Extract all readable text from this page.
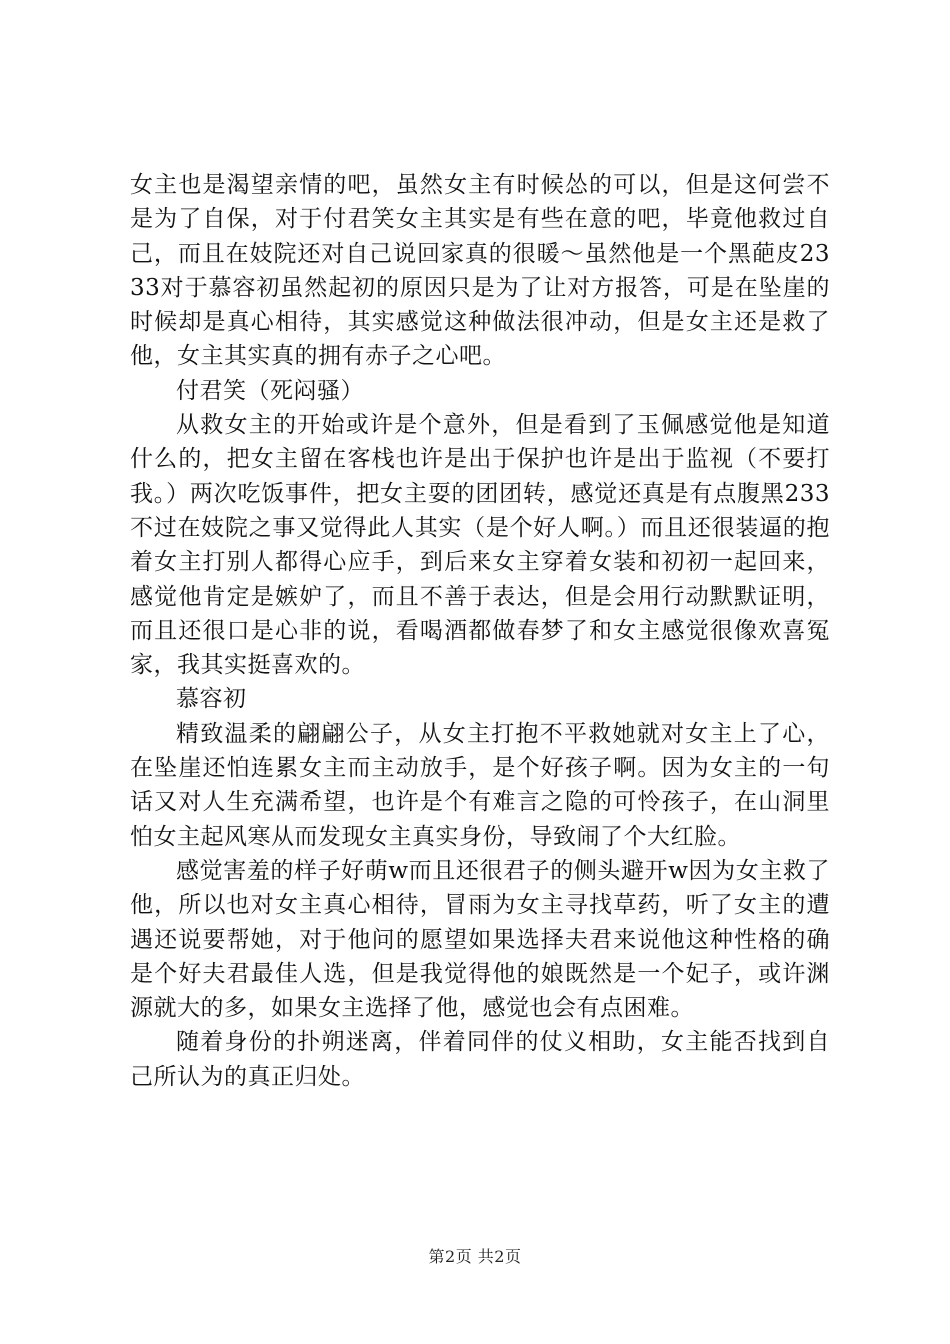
女主也是渴望亲情的吧，虽然女主有时候怂的可以，但是这何尝不是为了自保，对于付君笑女主其实是有些在意的吧，毕竟他救过自己，而且在妓院还对自己说回家真的很暖～虽然他是一个黑葩皮2333对于慕容初虽然起初的原因只是为了让对方报答，可是在坠崖的时候却是真心相待，其实感觉这种做法很冲动，但是女主还是救了他，女主其实真的拥有赤子之心吧。

付君笑（死闷骚）

从救女主的开始或许是个意外，但是看到了玉佩感觉他是知道什么的，把女主留在客栈也许是出于保护也许是出于监视（不要打我。）两次吃饭事件，把女主耍的团团转，感觉还真是有点腹黑233不过在妓院之事又觉得此人其实（是个好人啊。）而且还很装逼的抱着女主打别人都得心应手，到后来女主穿着女装和初初一起回来，感觉他肯定是嫉妒了，而且不善于表达，但是会用行动默默证明，而且还很口是心非的说，看喝酒都做春梦了和女主感觉很像欢喜冤家，我其实挺喜欢的。

慕容初

精致温柔的翩翩公子，从女主打抱不平救她就对女主上了心，在坠崖还怕连累女主而主动放手，是个好孩子啊。因为女主的一句话又对人生充满希望，也许是个有难言之隐的可怜孩子，在山洞里怕女主起风寒从而发现女主真实身份，导致闹了个大红脸。

感觉害羞的样子好萌w而且还很君子的侧头避开w因为女主救了他，所以也对女主真心相待，冒雨为女主寻找草药，听了女主的遭遇还说要帮她，对于他问的愿望如果选择夫君来说他这种性格的确是个好夫君最佳人选，但是我觉得他的娘既然是一个妃子，或许渊源就大的多，如果女主选择了他，感觉也会有点困难。

随着身份的扑朔迷离，伴着同伴的仗义相助，女主能否找到自己所认为的真正归处。

第2页 共2页
